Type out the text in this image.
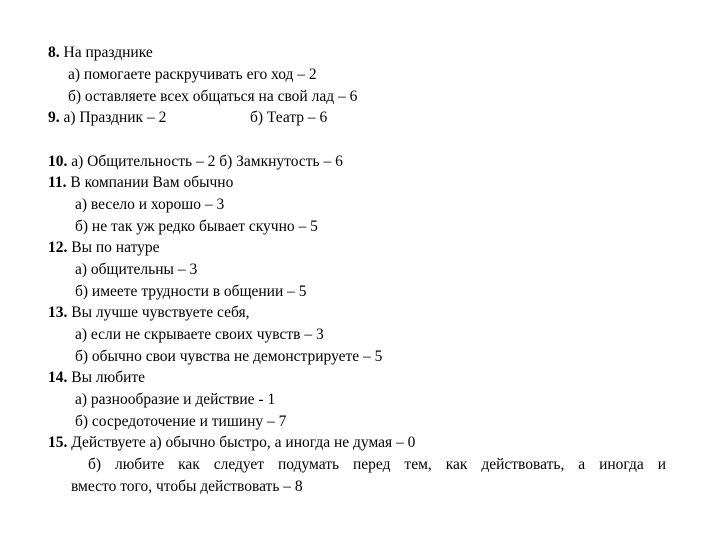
8. На празднике
а) помогаете раскручивать его ход – 2
б) оставляете всех общаться на свой лад – 6
9. а) Праздник – 2	б) Театр – 6
10. а) Общительность – 2 б) Замкнутость – 6
11. В компании Вам обычно
а) весело и хорошо – 3
б) не так уж редко бывает скучно – 5
12. Вы по натуре
а) общительны – 3
б) имеете трудности в общении – 5
13. Вы лучше чувствуете себя,
а) если не скрываете своих чувств – 3
б) обычно свои чувства не демонстрируете – 5
14. Вы любите
а) разнообразие и действие - 1
б) сосредоточение и тишину – 7
15. Действуете а) обычно быстро, а иногда не думая – 0
б) любите как следует подумать перед тем, как действовать, а иногда и
вместо того, чтобы действовать – 8
